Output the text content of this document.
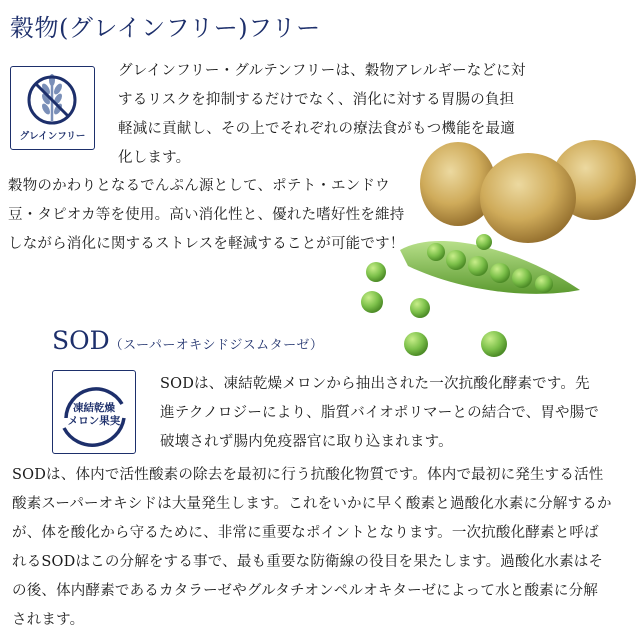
穀物(グレインフリー)フリー
グレインフリー
グレインフリー・グルテンフリーは、穀物アレルギーなどに対するリスクを抑制するだけでなく、消化に対する胃腸の負担軽減に貢献し、その上でそれぞれの療法食がもつ機能を最適化します。
穀物のかわりとなるでんぷん源として、ポテト・エンドウ豆・タピオカ等を使用。高い消化性と、優れた嗜好性を維持しながら消化に関するストレスを軽減することが可能です！
SOD（スーパーオキシドジスムターゼ）
凍結乾燥
メロン果実
SODは、凍結乾燥メロンから抽出された一次抗酸化酵素です。先進テクノロジーにより、脂質バイオポリマーとの結合で、胃や腸で破壊されず腸内免疫器官に取り込まれます。
SODは、体内で活性酸素の除去を最初に行う抗酸化物質です。体内で最初に発生する活性酸素スーパーオキシドは大量発生します。これをいかに早く酸素と過酸化水素に分解するかが、体を酸化から守るために、非常に重要なポイントとなります。一次抗酸化酵素と呼ばれるSODはこの分解をする事で、最も重要な防衛線の役目を果たします。過酸化水素はその後、体内酵素であるカタラーゼやグルタチオンペルオキターゼによって水と酸素に分解されます。
